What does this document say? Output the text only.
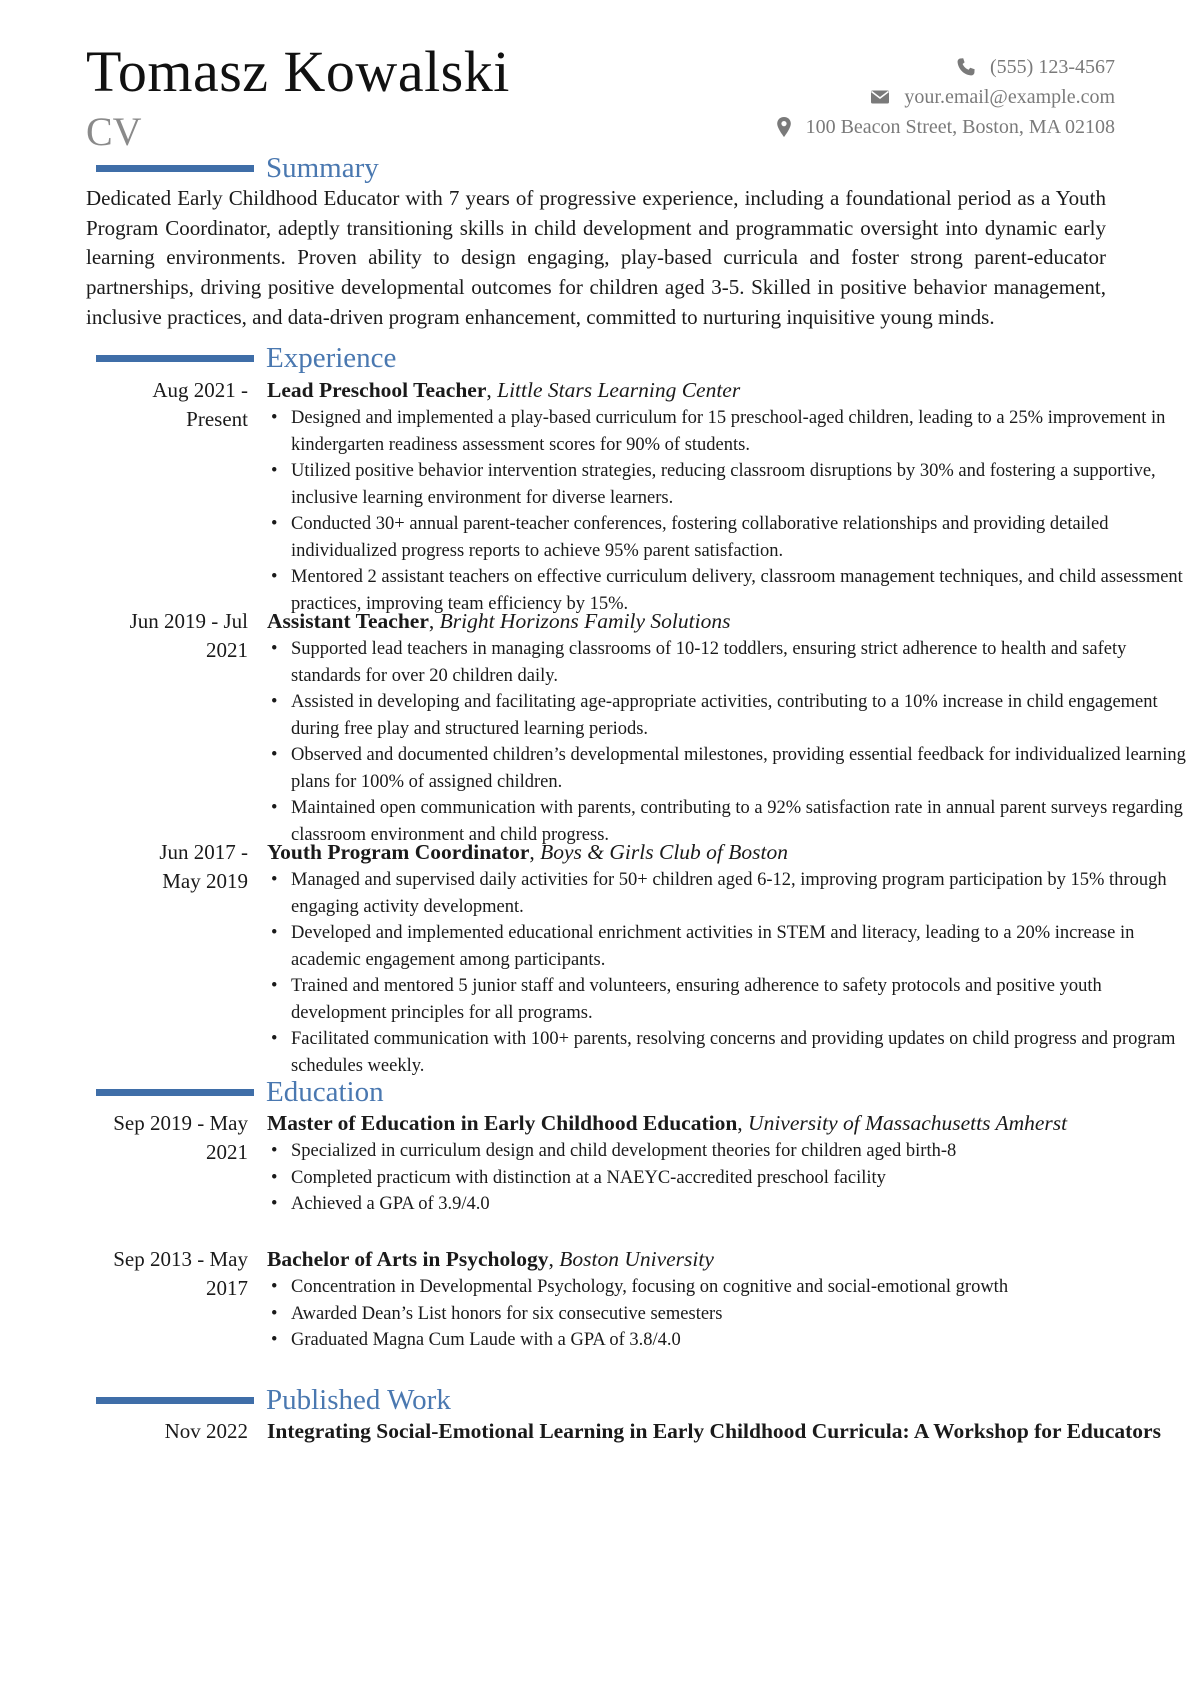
Tomasz Kowalski
CV
(555) 123-4567
your.email@example.com
100 Beacon Street, Boston, MA 02108
Summary
Dedicated Early Childhood Educator with 7 years of progressive experience, including a foundational period as a Youth Program Coordinator, adeptly transitioning skills in child development and programmatic oversight into dynamic early learning environments. Proven ability to design engaging, play-based curricula and foster strong parent-educator partnerships, driving positive developmental outcomes for children aged 3-5. Skilled in positive behavior management, inclusive practices, and data-driven program enhancement, committed to nurturing inquisitive young minds.
Experience
Aug 2021 -
Present
Lead Preschool Teacher, Little Stars Learning Center
• Designed and implemented a play-based curriculum for 15 preschool-aged children, leading to a 25% improvement in kindergarten readiness assessment scores for 90% of students.
• Utilized positive behavior intervention strategies, reducing classroom disruptions by 30% and fostering a supportive, inclusive learning environment for diverse learners.
• Conducted 30+ annual parent-teacher conferences, fostering collaborative relationships and providing detailed individualized progress reports to achieve 95% parent satisfaction.
• Mentored 2 assistant teachers on effective curriculum delivery, classroom management techniques, and child assessment practices, improving team efficiency by 15%.
Jun 2019 - Jul
2021
Assistant Teacher, Bright Horizons Family Solutions
• Supported lead teachers in managing classrooms of 10-12 toddlers, ensuring strict adherence to health and safety standards for over 20 children daily.
• Assisted in developing and facilitating age-appropriate activities, contributing to a 10% increase in child engagement during free play and structured learning periods.
• Observed and documented children’s developmental milestones, providing essential feedback for individualized learning plans for 100% of assigned children.
• Maintained open communication with parents, contributing to a 92% satisfaction rate in annual parent surveys regarding classroom environment and child progress.
Jun 2017 -
May 2019
Youth Program Coordinator, Boys & Girls Club of Boston
• Managed and supervised daily activities for 50+ children aged 6-12, improving program participation by 15% through engaging activity development.
• Developed and implemented educational enrichment activities in STEM and literacy, leading to a 20% increase in academic engagement among participants.
• Trained and mentored 5 junior staff and volunteers, ensuring adherence to safety protocols and positive youth development principles for all programs.
• Facilitated communication with 100+ parents, resolving concerns and providing updates on child progress and program schedules weekly.
Education
Sep 2019 - May
2021
Master of Education in Early Childhood Education, University of Massachusetts Amherst
• Specialized in curriculum design and child development theories for children aged birth-8
• Completed practicum with distinction at a NAEYC-accredited preschool facility
• Achieved a GPA of 3.9/4.0
Sep 2013 - May
2017
Bachelor of Arts in Psychology, Boston University
• Concentration in Developmental Psychology, focusing on cognitive and social-emotional growth
• Awarded Dean’s List honors for six consecutive semesters
• Graduated Magna Cum Laude with a GPA of 3.8/4.0
Published Work
Nov 2022 Integrating Social-Emotional Learning in Early Childhood Curricula: A Workshop for Educators
